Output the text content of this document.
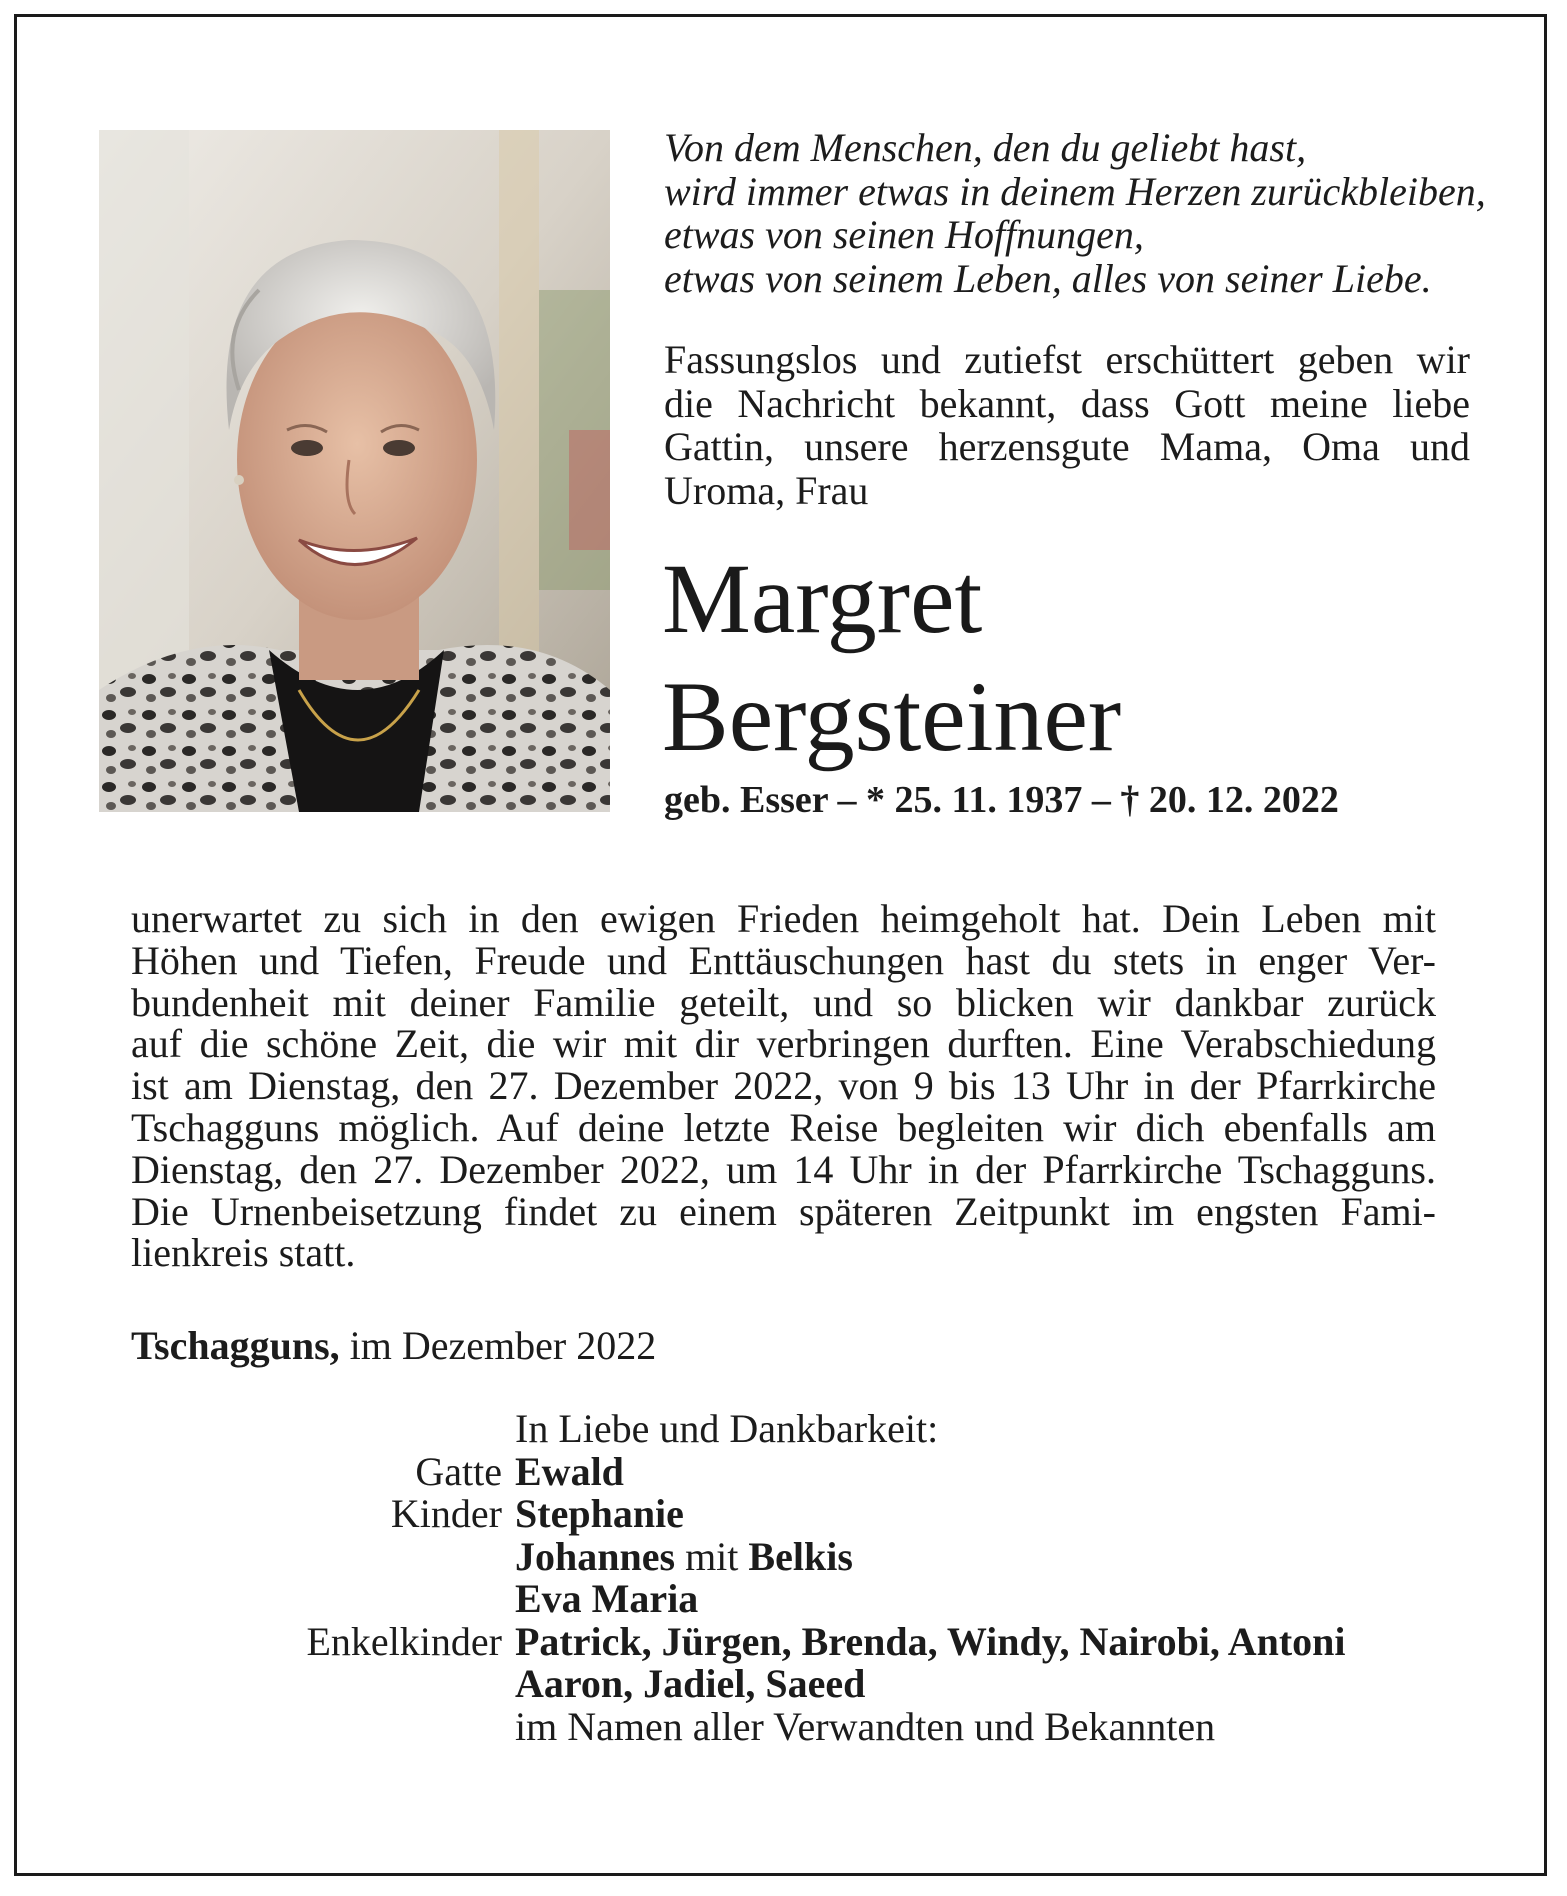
Von dem Menschen, den du geliebt hast,
wird immer etwas in deinem Herzen zurückbleiben,
etwas von seinen Hoffnungen,
etwas von seinem Leben, alles von seiner Liebe.
Fassungslos und zutiefst erschüttert geben wir
die Nachricht bekannt, dass Gott meine liebe
Gattin, unsere herzensgute Mama, Oma und
Uroma, Frau
Margret
Bergsteiner
geb. Esser – * 25. 11. 1937 – † 20. 12. 2022
unerwartet zu sich in den ewigen Frieden heimgeholt hat. Dein Leben mit
Höhen und Tiefen, Freude und Enttäuschungen hast du stets in enger Ver-
bundenheit mit deiner Familie geteilt, und so blicken wir dankbar zurück
auf die schöne Zeit, die wir mit dir verbringen durften. Eine Verabschiedung
ist am Dienstag, den 27. Dezember 2022, von 9 bis 13 Uhr in der Pfarrkirche
Tschagguns möglich. Auf deine letzte Reise begleiten wir dich ebenfalls am
Dienstag, den 27. Dezember 2022, um 14 Uhr in der Pfarrkirche Tschagguns.
Die Urnenbeisetzung findet zu einem späteren Zeitpunkt im engsten Fami-
lienkreis statt.
Tschagguns, im Dezember 2022
In Liebe und Dankbarkeit:
Gatte Ewald
Kinder Stephanie
Johannes mit Belkis
Eva Maria
Enkelkinder Patrick, Jürgen, Brenda, Windy, Nairobi, Antoni
Aaron, Jadiel, Saeed
im Namen aller Verwandten und Bekannten
